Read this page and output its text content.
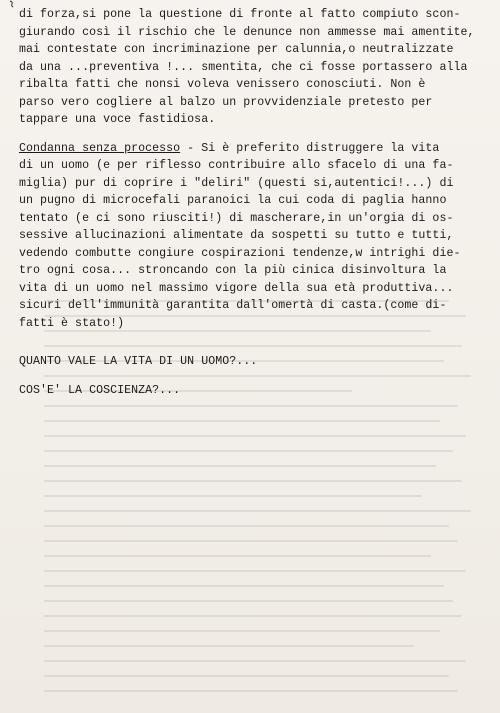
di forza,si pone la questione di fronte al fatto compiuto scon-
giurando così il rischio che le denunce non ammesse mai amentite,
mai contestate con incriminazione per calunnia,o neutralizzate
da una ...preventiva !... smentita, che ci fosse portassero alla
ribalta fatti che nonsi voleva venissero conosciuti. Non è
parso vero cogliere al balzo un provvidenziale pretesto per
tappare una voce fastidiosa.
Condanna senza processo - Si è preferito distruggere la vita
di un uomo (e per riflesso contribuire allo sfacelo di una fa-
miglia) pur di coprire i "deliri" (questi si,autentici!...) di
un pugno di microcefali paranoici la cui coda di paglia hanno
tentato (e ci sono riusciti!) di mascherare,in un'orgia di os-
sessive allucinazioni alimentate da sospetti su tutto e tutti,
vedendo combutte congiure cospirazioni tendenze,w intrighi die-
tro ogni cosa... stroncando con la più cinica disinvoltura la
vita di un uomo nel massimo vigore della sua età produttiva...
sicuri dell'immunità garantita dall'omertà di casta.(come di-
fatti è stato!)
QUANTO VALE LA VITA DI UN UOMO?...
COS'E' LA COSCIENZA?...
